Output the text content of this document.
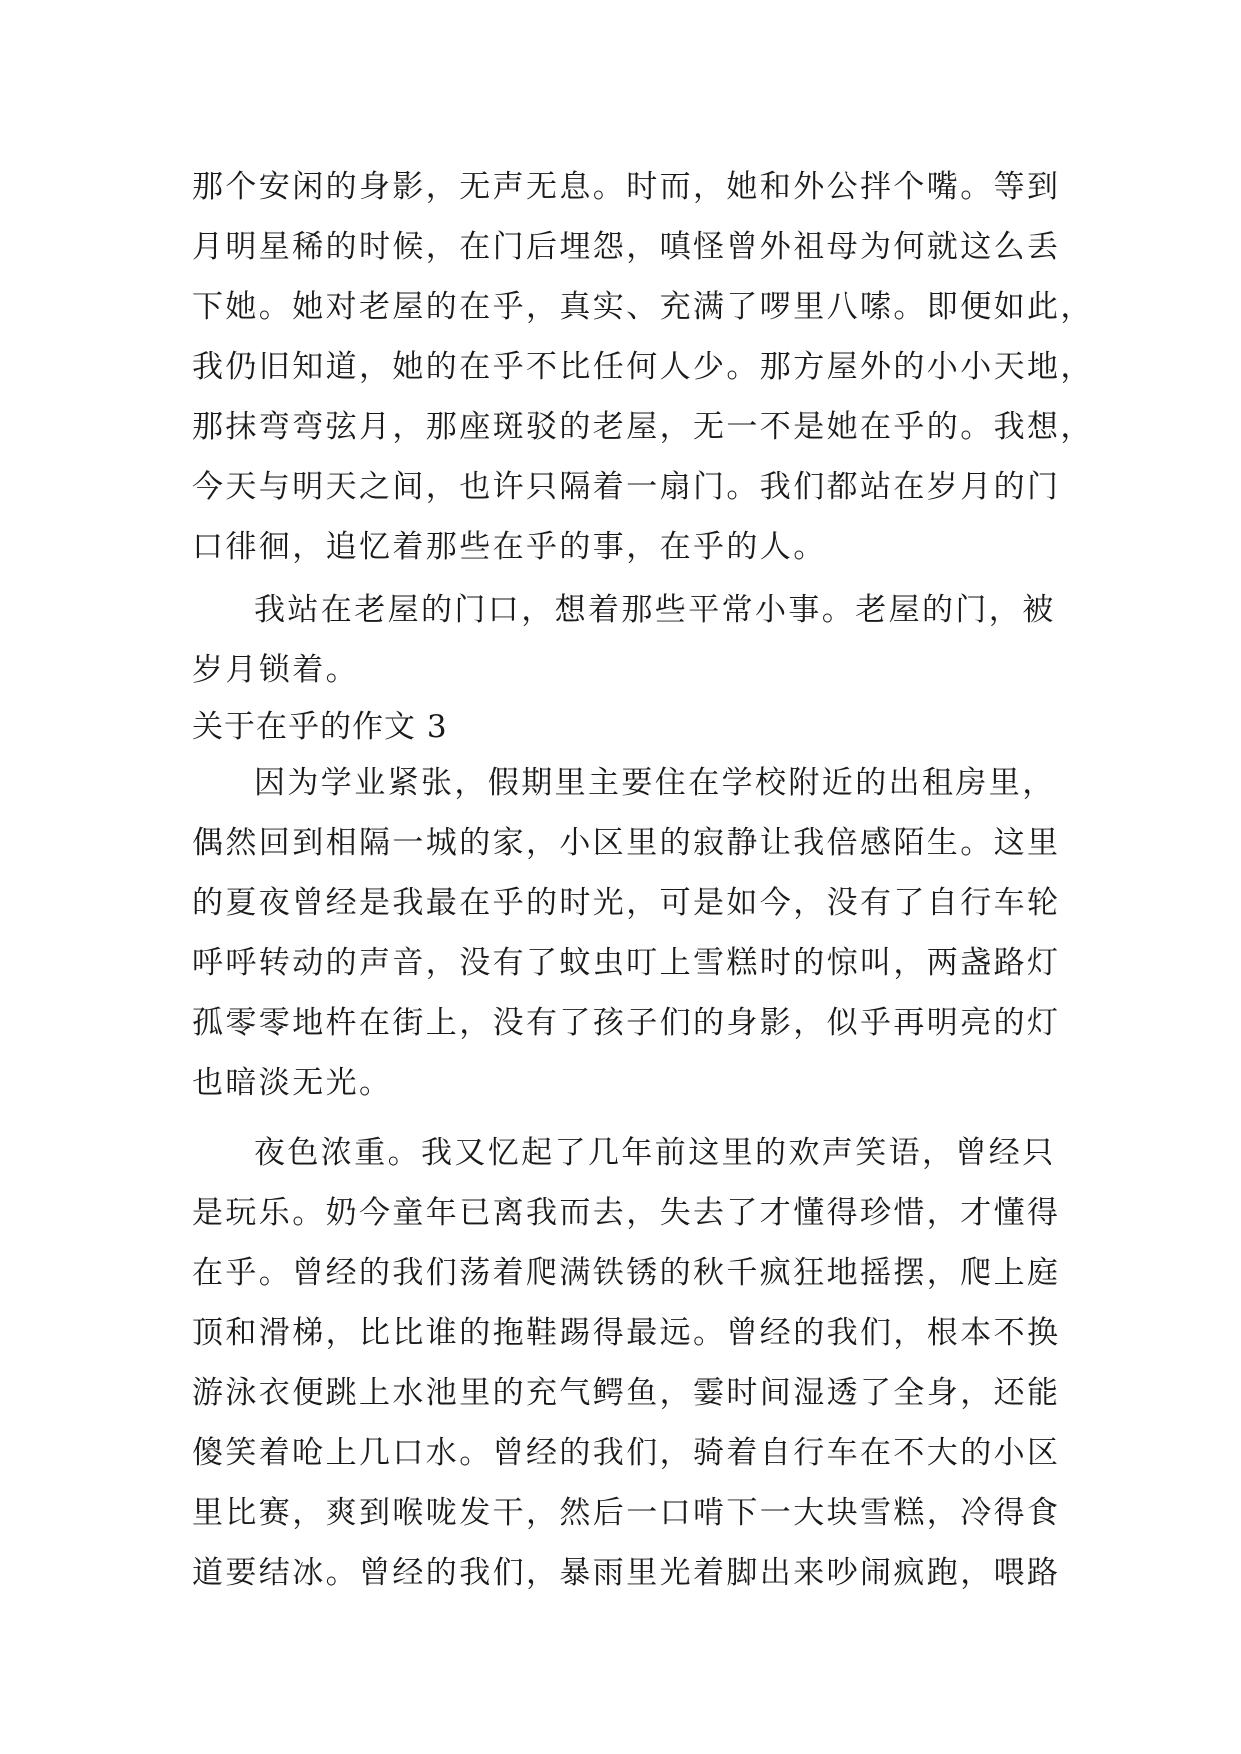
那个安闲的身影，无声无息。时而，她和外公拌个嘴。等到
月明星稀的时候，在门后埋怨，嗔怪曾外祖母为何就这么丢
下她。她对老屋的在乎，真实、充满了啰里八嗦。即便如此，
我仍旧知道，她的在乎不比任何人少。那方屋外的小小天地，
那抹弯弯弦月，那座斑驳的老屋，无一不是她在乎的。我想，
今天与明天之间，也许只隔着一扇门。我们都站在岁月的门
口徘徊，追忆着那些在乎的事，在乎的人。
我站在老屋的门口，想着那些平常小事。老屋的门，被
岁月锁着。
关于在乎的作文 3
因为学业紧张，假期里主要住在学校附近的出租房里，
偶然回到相隔一城的家，小区里的寂静让我倍感陌生。这里
的夏夜曾经是我最在乎的时光，可是如今，没有了自行车轮
呼呼转动的声音，没有了蚊虫叮上雪糕时的惊叫，两盏路灯
孤零零地杵在街上，没有了孩子们的身影，似乎再明亮的灯
也暗淡无光。
夜色浓重。我又忆起了几年前这里的欢声笑语，曾经只
是玩乐。奶今童年已离我而去，失去了才懂得珍惜，才懂得
在乎。曾经的我们荡着爬满铁锈的秋千疯狂地摇摆，爬上庭
顶和滑梯，比比谁的拖鞋踢得最远。曾经的我们，根本不换
游泳衣便跳上水池里的充气鳄鱼，霎时间湿透了全身，还能
傻笑着呛上几口水。曾经的我们，骑着自行车在不大的小区
里比赛，爽到喉咙发干，然后一口啃下一大块雪糕，冷得食
道要结冰。曾经的我们，暴雨里光着脚出来吵闹疯跑，喂路
